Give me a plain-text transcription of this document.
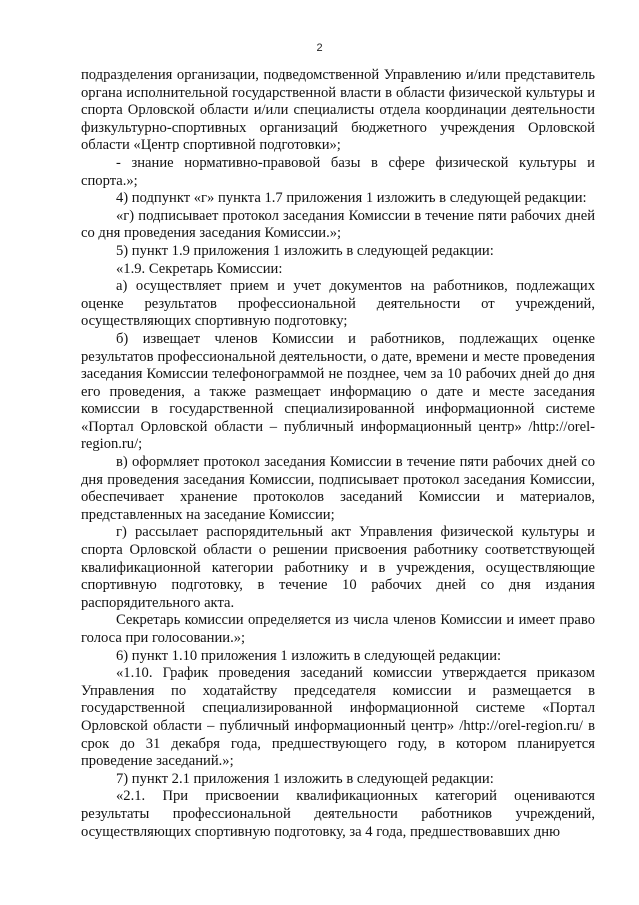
2

подразделения организации, подведомственной Управлению и/или представитель органа исполнительной государственной власти в области физической культуры и спорта Орловской области и/или специалисты отдела координации деятельности физкультурно-спортивных организаций бюджетного учреждения Орловской области «Центр спортивной подготовки»;

- знание нормативно-правовой базы в сфере физической культуры и спорта.»;

4) подпункт «г» пункта 1.7 приложения 1 изложить в следующей редакции:

«г) подписывает протокол заседания Комиссии в течение пяти рабочих дней со дня проведения заседания Комиссии.»;

5) пункт 1.9 приложения 1 изложить в следующей редакции:

«1.9. Секретарь Комиссии:

а) осуществляет прием и учет документов на работников, подлежащих оценке результатов профессиональной деятельности от учреждений, осуществляющих спортивную подготовку;

б) извещает членов Комиссии и работников, подлежащих оценке результатов профессиональной деятельности, о дате, времени и месте проведения заседания Комиссии телефонограммой не позднее, чем за 10 рабочих дней до дня его проведения, а также размещает информацию о дате и месте заседания комиссии в государственной специализированной информационной системе «Портал Орловской области – публичный информационный центр» /http://orel-region.ru/;

в) оформляет протокол заседания Комиссии в течение пяти рабочих дней со дня проведения заседания Комиссии, подписывает протокол заседания Комиссии, обеспечивает хранение протоколов заседаний Комиссии и материалов, представленных на заседание Комиссии;

г) рассылает распорядительный акт Управления физической культуры и спорта Орловской области о решении присвоения работнику соответствующей квалификационной категории работнику и в учреждения, осуществляющие спортивную подготовку, в течение 10 рабочих дней со дня издания распорядительного акта.

Секретарь комиссии определяется из числа членов Комиссии и имеет право голоса при голосовании.»;

6) пункт 1.10 приложения 1 изложить в следующей редакции:

«1.10. График проведения заседаний комиссии утверждается приказом Управления по ходатайству председателя комиссии и размещается в государственной специализированной информационной системе «Портал Орловской области – публичный информационный центр» /http://orel-region.ru/ в срок до 31 декабря года, предшествующего году, в котором планируется проведение заседаний.»;

7) пункт 2.1 приложения 1 изложить в следующей редакции:

«2.1. При присвоении квалификационных категорий оцениваются результаты профессиональной деятельности работников учреждений, осуществляющих спортивную подготовку, за 4 года, предшествовавших дню
